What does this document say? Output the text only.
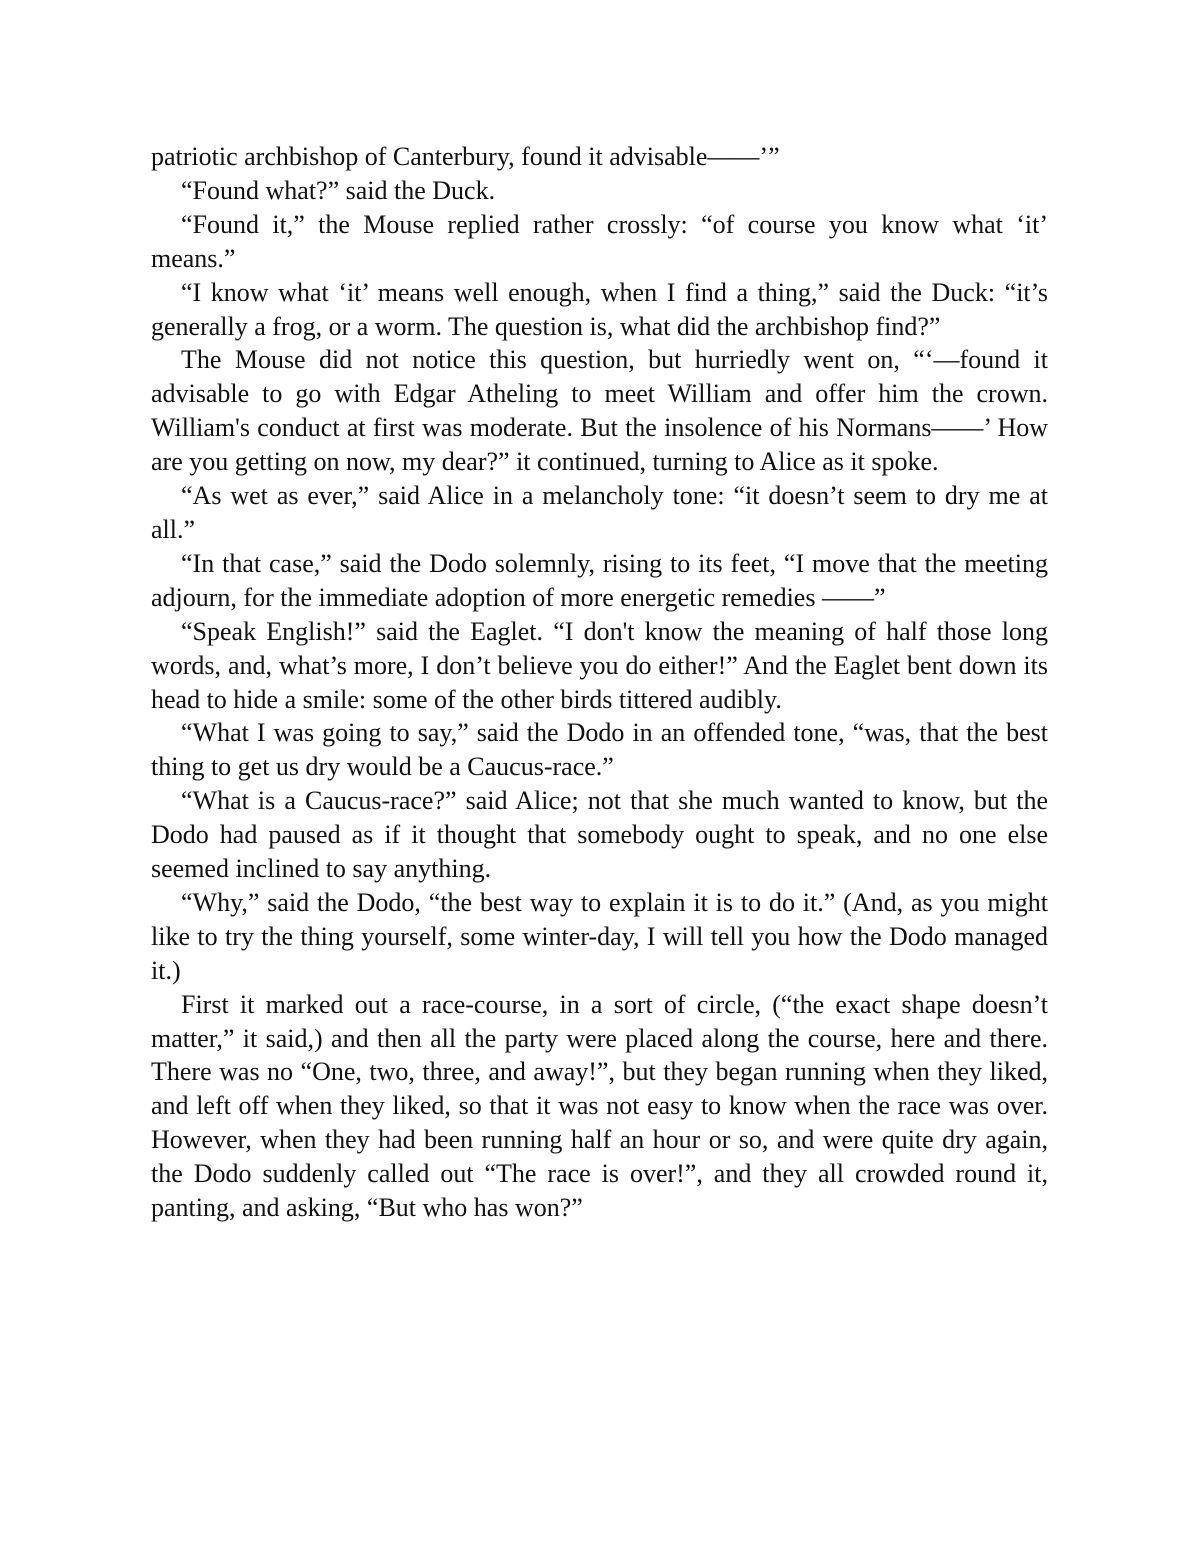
patriotic archbishop of Canterbury, found it advisable——’”

“Found what?” said the Duck.

“Found it,” the Mouse replied rather crossly: “of course you know what ‘it’ means.”

“I know what ‘it’ means well enough, when I find a thing,” said the Duck: “it’s generally a frog, or a worm. The question is, what did the archbishop find?”

The Mouse did not notice this question, but hurriedly went on, “‘—found it advisable to go with Edgar Atheling to meet William and offer him the crown. William's conduct at first was moderate. But the insolence of his Normans——’ How are you getting on now, my dear?” it continued, turning to Alice as it spoke.

“As wet as ever,” said Alice in a melancholy tone: “it doesn’t seem to dry me at all.”

“In that case,” said the Dodo solemnly, rising to its feet, “I move that the meeting adjourn, for the immediate adoption of more energetic remedies ——”

“Speak English!” said the Eaglet. “I don't know the meaning of half those long words, and, what’s more, I don’t believe you do either!” And the Eaglet bent down its head to hide a smile: some of the other birds tittered audibly.

“What I was going to say,” said the Dodo in an offended tone, “was, that the best thing to get us dry would be a Caucus-race.”

“What is a Caucus-race?” said Alice; not that she much wanted to know, but the Dodo had paused as if it thought that somebody ought to speak, and no one else seemed inclined to say anything.

“Why,” said the Dodo, “the best way to explain it is to do it.” (And, as you might like to try the thing yourself, some winter-day, I will tell you how the Dodo managed it.)

First it marked out a race-course, in a sort of circle, (“the exact shape doesn’t matter,” it said,) and then all the party were placed along the course, here and there. There was no “One, two, three, and away!”, but they began running when they liked, and left off when they liked, so that it was not easy to know when the race was over. However, when they had been running half an hour or so, and were quite dry again, the Dodo suddenly called out “The race is over!”, and they all crowded round it, panting, and asking, “But who has won?”
